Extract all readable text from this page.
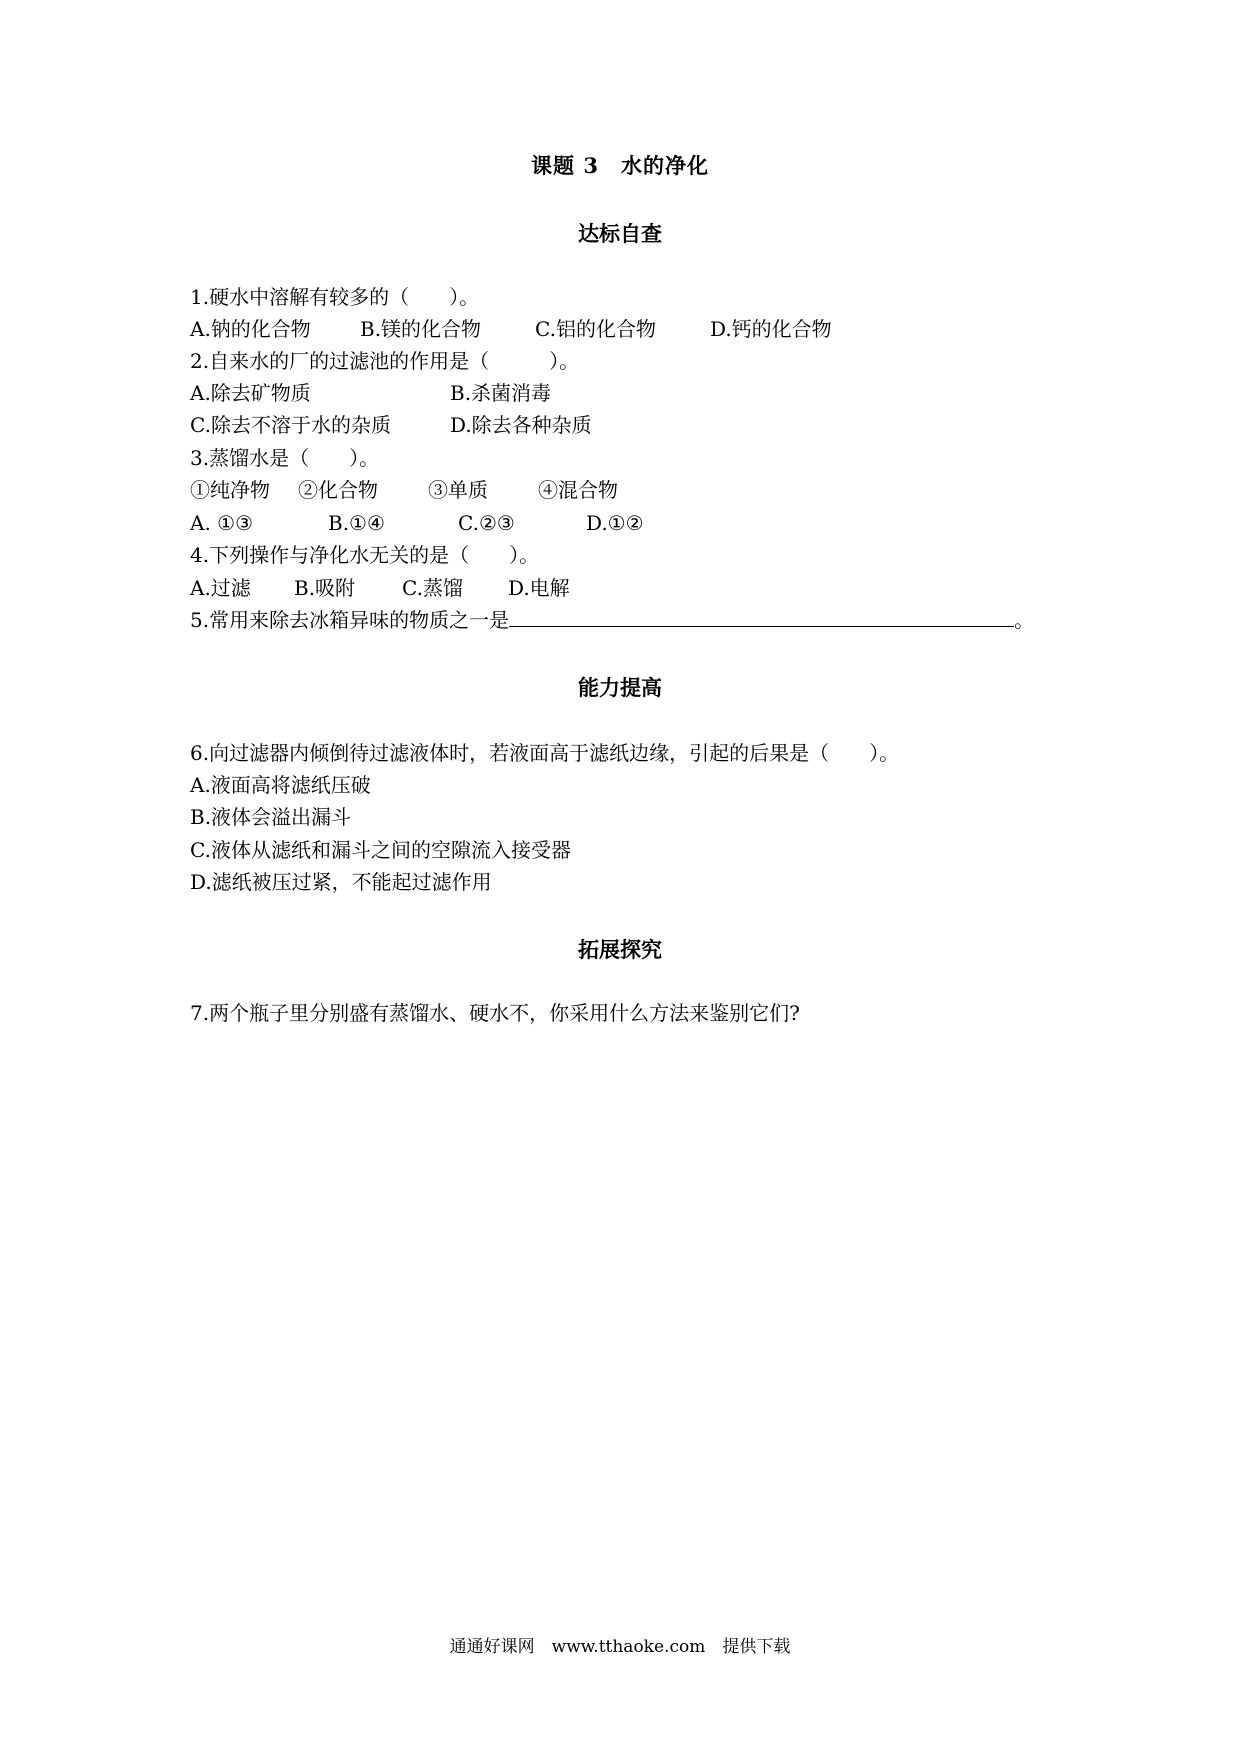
课题 3　水的净化
达标自查
1.硬水中溶解有较多的（　　）。
A.钠的化合物 B.镁的化合物	C.铝的化合物	D.钙的化合物
2.自来水的厂的过滤池的作用是（　　　）。
A.除去矿物质	B.杀菌消毒
C.除去不溶于水的杂质	D.除去各种杂质
3.蒸馏水是（　　）。
①纯净物 ②化合物	③单质	④混合物
A. ①③	B.①④	C.②③	D.①②
4.下列操作与净化水无关的是（　　）。
A.过滤 B.吸附 C.蒸馏 D.电解
5.常用来除去冰箱异味的物质之一是	。
能力提高
6.向过滤器内倾倒待过滤液体时，若液面高于滤纸边缘，引起的后果是（　　）。
A.液面高将滤纸压破
B.液体会溢出漏斗
C.液体从滤纸和漏斗之间的空隙流入接受器
D.滤纸被压过紧，不能起过滤作用
拓展探究
7.两个瓶子里分别盛有蒸馏水、硬水不，你采用什么方法来鉴别它们?
通通好课网　www.tthaoke.com　提供下载
